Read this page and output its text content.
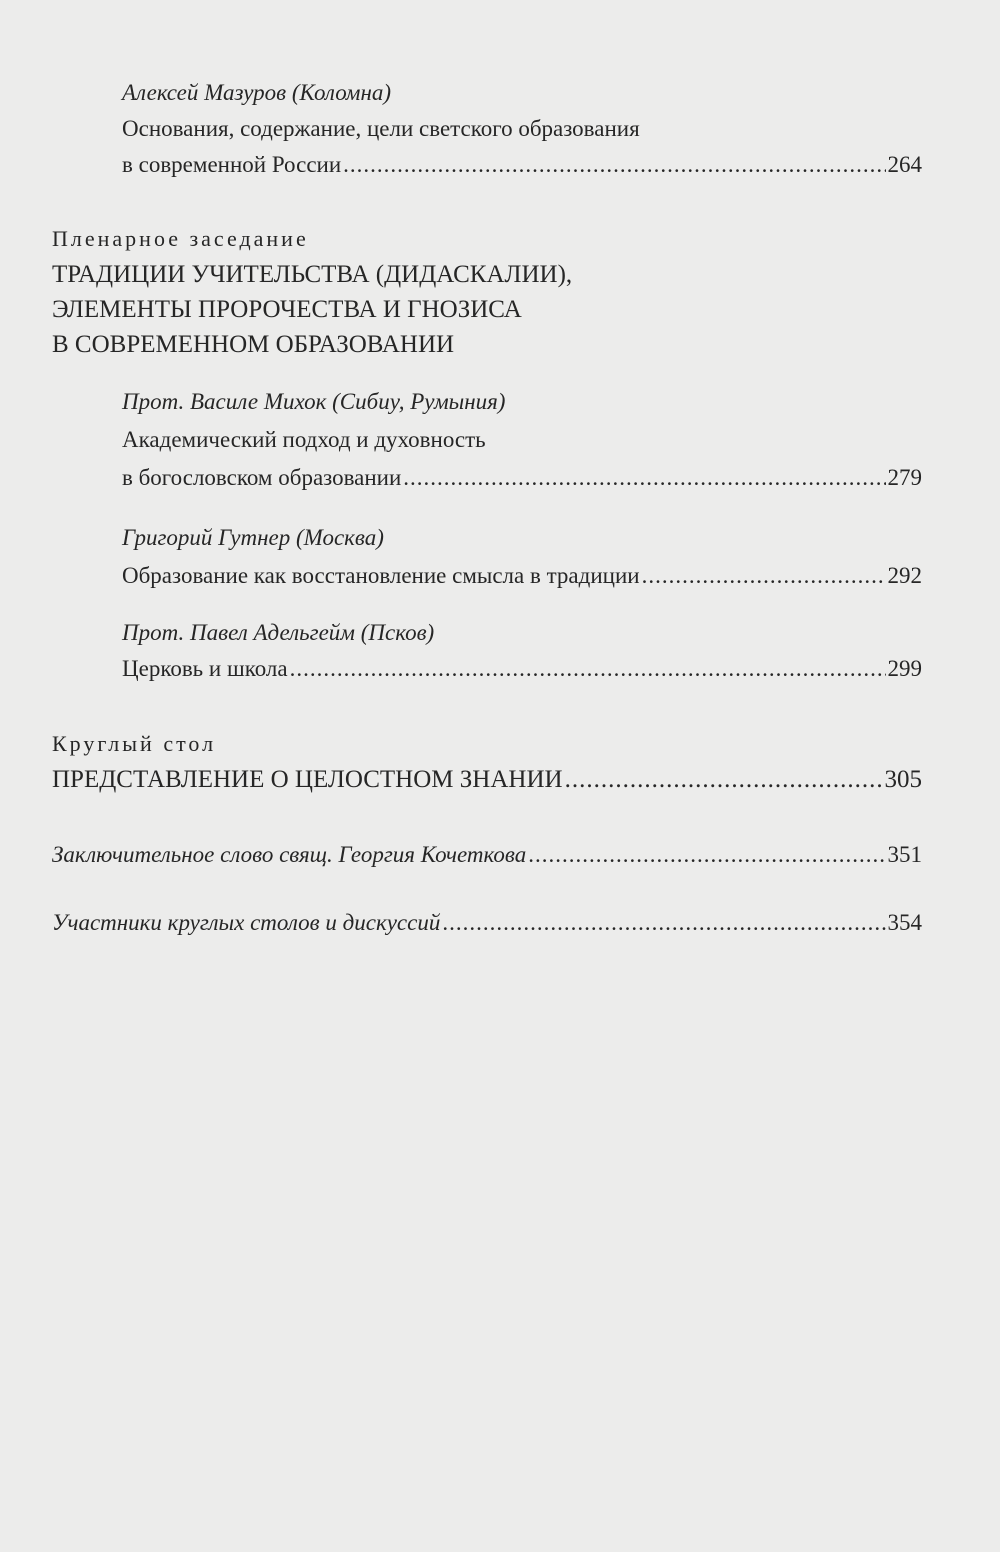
Алексей Мазуров (Коломна)
Основания, содержание, цели светского образования
в современной России .....	264
Пленарное заседание
ТРАДИЦИИ УЧИТЕЛЬСТВА (ДИДАСКАЛИИ),
ЭЛЕМЕНТЫ ПРОРОЧЕСТВА И ГНОЗИСА
В СОВРЕМЕННОМ ОБРАЗОВАНИИ
Прот. Василе Михок (Сибиу, Румыния)
Академический подход и духовность
в богословском образовании .....	279
Григорий Гутнер (Москва)
Образование как восстановление смысла в традиции .....	292
Прот. Павел Адельгейм (Псков)
Церковь и школа .....	299
Круглый стол
ПРЕДСТАВЛЕНИЕ О ЦЕЛОСТНОМ ЗНАНИИ .....	305
Заключительное слово свящ. Георгия Кочеткова .....	351
Участники круглых столов и дискуссий .....	354
